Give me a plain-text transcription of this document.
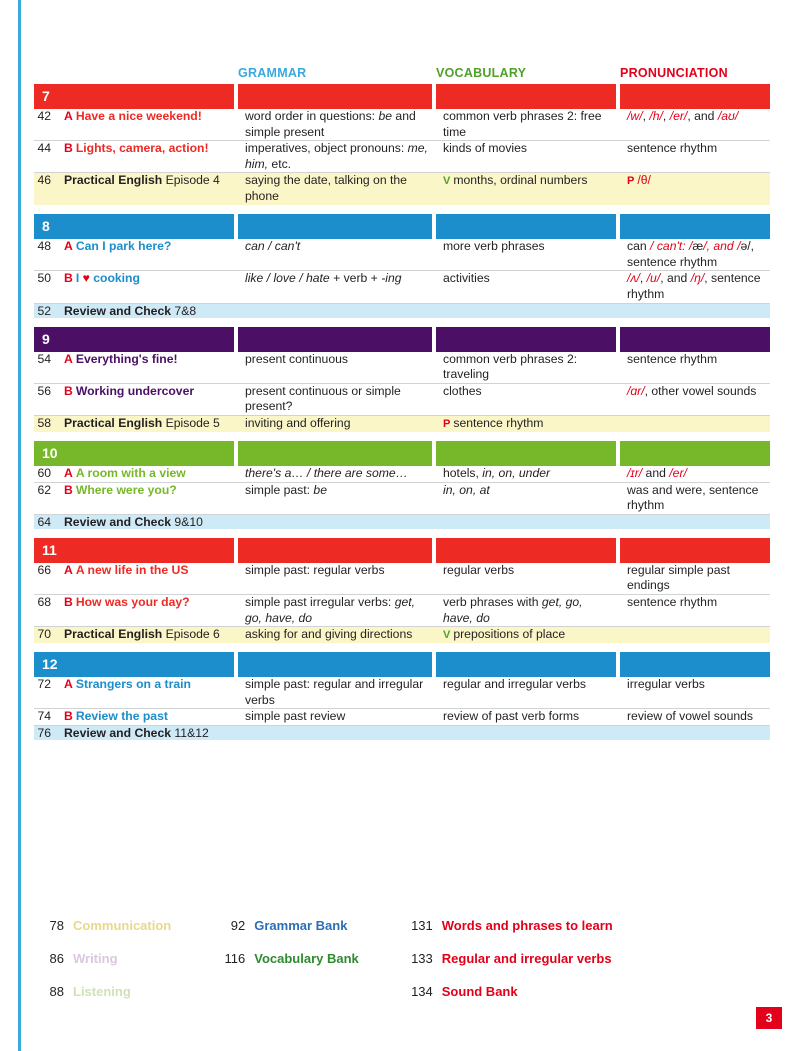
		GRAMMAR	VOCABULARY	PRONUNCIATION

7				

42	A Have a nice weekend!	word order in questions: be and simple present	common verb phrases 2: free time	/w/, /h/, /er/, and /aʊ/
44	B Lights, camera, action!	imperatives, object pronouns: me, him, etc.	kinds of movies	sentence rhythm
46	Practical English Episode 4	saying the date, talking on the phone	V months, ordinal numbers	P /θ/

8				

48	A Can I park here?	can / can't	more verb phrases	can / can't: /æ/, and /ə/, sentence rhythm
50	B I ♥ cooking	like / love / hate + verb + -ing	activities	/ʌ/, /u/, and /ŋ/, sentence rhythm
52	Review and Check 7&8			

9				

54	A Everything's fine!	present continuous	common verb phrases 2: traveling	sentence rhythm
56	B Working undercover	present continuous or simple present?	clothes	/ɑr/, other vowel sounds
58	Practical English Episode 5	inviting and offering	P sentence rhythm	

10				

60	A A room with a view	there's a… / there are some…	hotels, in, on, under	/ɪr/ and /er/
62	B Where were you?	simple past: be	in, on, at	was and were, sentence rhythm
64	Review and Check 9&10			

11				

66	A A new life in the US	simple past: regular verbs	regular verbs	regular simple past endings
68	B How was your day?	simple past irregular verbs: get, go, have, do	verb phrases with get, go, have, do	sentence rhythm
70	Practical English Episode 6	asking for and giving directions	V prepositions of place	

12				

72	A Strangers on a train	simple past: regular and irregular verbs	regular and irregular verbs	irregular verbs
74	B Review the past	simple past review	review of past verb forms	review of vowel sounds
76	Review and Check 11&12			
78	Communication	92	Grammar Bank	131	Words and phrases to learn
86	Writing	116	Vocabulary Bank	133	Regular and irregular verbs
88	Listening			134	Sound Bank
3
